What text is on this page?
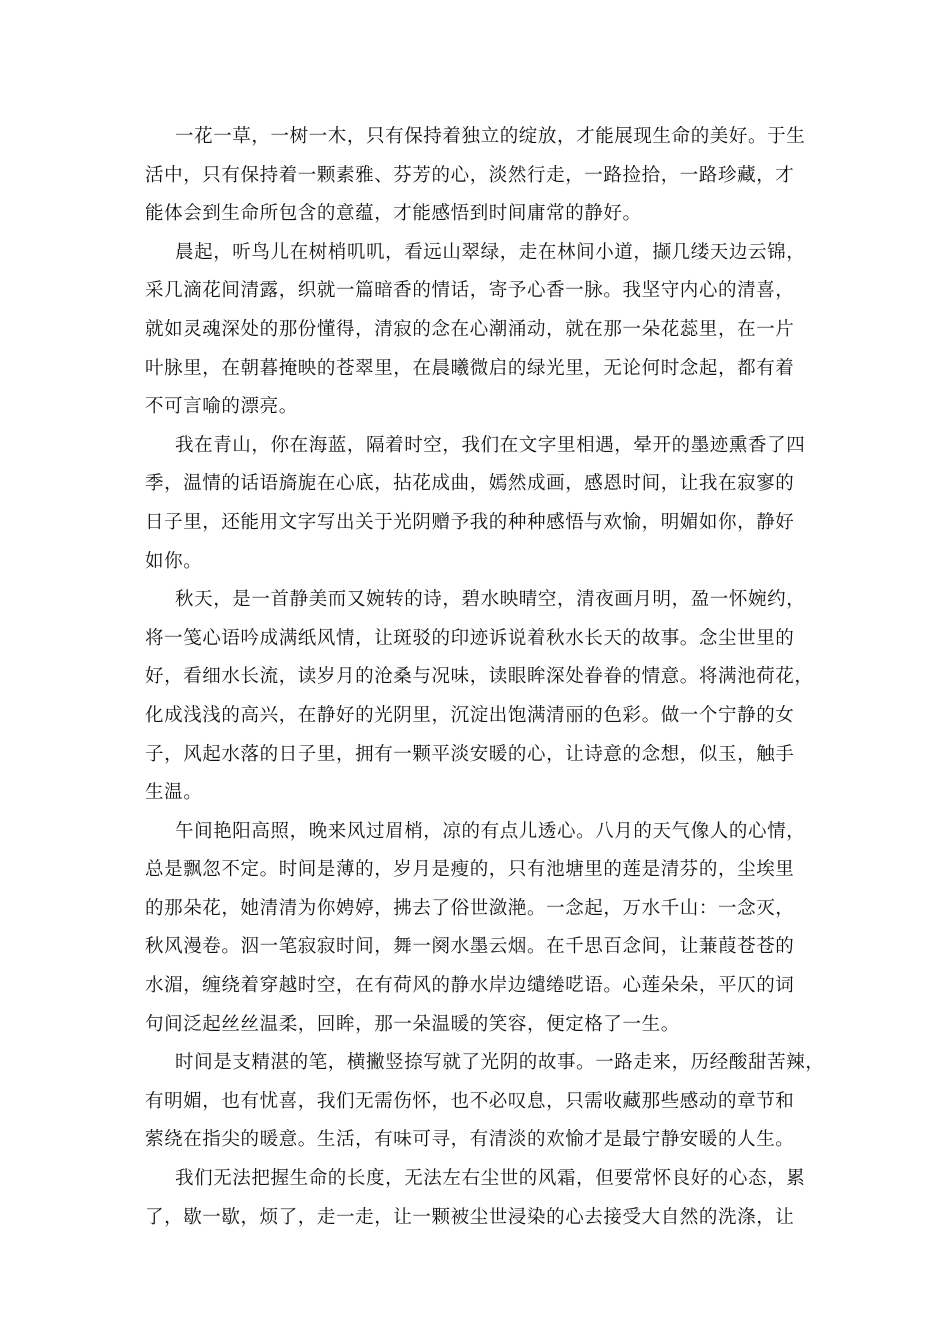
一花一草，一树一木，只有保持着独立的绽放，才能展现生命的美好。于生
活中，只有保持着一颗素雅、芬芳的心，淡然行走，一路捡拾，一路珍藏，才
能体会到生命所包含的意蕴，才能感悟到时间庸常的静好。
晨起，听鸟儿在树梢叽叽，看远山翠绿，走在林间小道，撷几缕天边云锦，
采几滴花间清露，织就一篇暗香的情话，寄予心香一脉。我坚守内心的清喜，
就如灵魂深处的那份懂得，清寂的念在心潮涌动，就在那一朵花蕊里，在一片
叶脉里，在朝暮掩映的苍翠里，在晨曦微启的绿光里，无论何时念起，都有着
不可言喻的漂亮。
我在青山，你在海蓝，隔着时空，我们在文字里相遇，晕开的墨迹熏香了四
季，温情的话语旖旎在心底，拈花成曲，嫣然成画，感恩时间，让我在寂寥的
日子里，还能用文字写出关于光阴赠予我的种种感悟与欢愉，明媚如你，静好
如你。
秋天，是一首静美而又婉转的诗，碧水映晴空，清夜画月明，盈一怀婉约，
将一笺心语吟成满纸风情，让斑驳的印迹诉说着秋水长天的故事。念尘世里的
好，看细水长流，读岁月的沧桑与况味，读眼眸深处眷眷的情意。将满池荷花，
化成浅浅的高兴，在静好的光阴里，沉淀出饱满清丽的色彩。做一个宁静的女
子，风起水落的日子里，拥有一颗平淡安暖的心，让诗意的念想，似玉，触手
生温。
午间艳阳高照，晚来风过眉梢，凉的有点儿透心。八月的天气像人的心情，
总是飘忽不定。时间是薄的，岁月是瘦的，只有池塘里的莲是清芬的，尘埃里
的那朵花，她清清为你娉婷，拂去了俗世潋滟。一念起，万水千山：一念灭，
秋风漫卷。泅一笔寂寂时间，舞一阕水墨云烟。在千思百念间，让蒹葭苍苍的
水湄，缠绕着穿越时空，在有荷风的静水岸边缱绻呓语。心莲朵朵，平仄的词
句间泛起丝丝温柔，回眸，那一朵温暖的笑容，便定格了一生。
时间是支精湛的笔，横撇竖捺写就了光阴的故事。一路走来，历经酸甜苦辣，
有明媚，也有忧喜，我们无需伤怀，也不必叹息，只需收藏那些感动的章节和
萦绕在指尖的暖意。生活，有味可寻，有清淡的欢愉才是最宁静安暖的人生。
我们无法把握生命的长度，无法左右尘世的风霜，但要常怀良好的心态，累
了，歇一歇，烦了，走一走，让一颗被尘世浸染的心去接受大自然的洗涤，让
